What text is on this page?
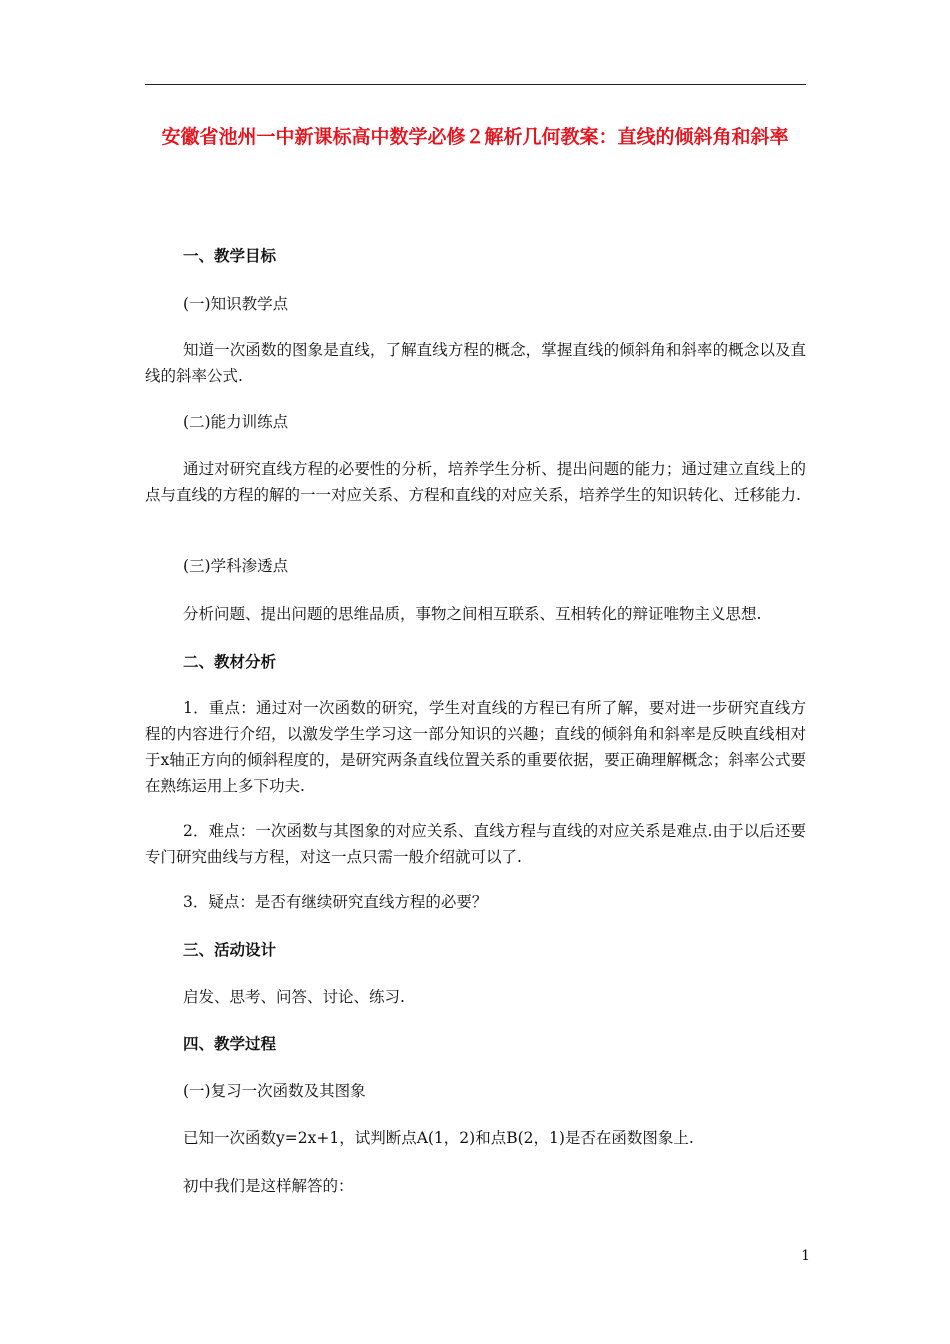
安徽省池州一中新课标高中数学必修２解析几何教案：直线的倾斜角和斜率

一、教学目标

(一)知识教学点

知道一次函数的图象是直线，了解直线方程的概念，掌握直线的倾斜角和斜率的概念以及直线的斜率公式.

(二)能力训练点

通过对研究直线方程的必要性的分析，培养学生分析、提出问题的能力；通过建立直线上的点与直线的方程的解的一一对应关系、方程和直线的对应关系，培养学生的知识转化、迁移能力.

(三)学科渗透点

分析问题、提出问题的思维品质，事物之间相互联系、互相转化的辩证唯物主义思想.

二、教材分析

1．重点：通过对一次函数的研究，学生对直线的方程已有所了解，要对进一步研究直线方程的内容进行介绍，以激发学生学习这一部分知识的兴趣；直线的倾斜角和斜率是反映直线相对于x轴正方向的倾斜程度的，是研究两条直线位置关系的重要依据，要正确理解概念；斜率公式要在熟练运用上多下功夫.

2．难点：一次函数与其图象的对应关系、直线方程与直线的对应关系是难点.由于以后还要专门研究曲线与方程，对这一点只需一般介绍就可以了.

3．疑点：是否有继续研究直线方程的必要？

三、活动设计

启发、思考、问答、讨论、练习.

四、教学过程

(一)复习一次函数及其图象

已知一次函数y=2x+1，试判断点A(1，2)和点B(2，1)是否在函数图象上.

初中我们是这样解答的：

1
